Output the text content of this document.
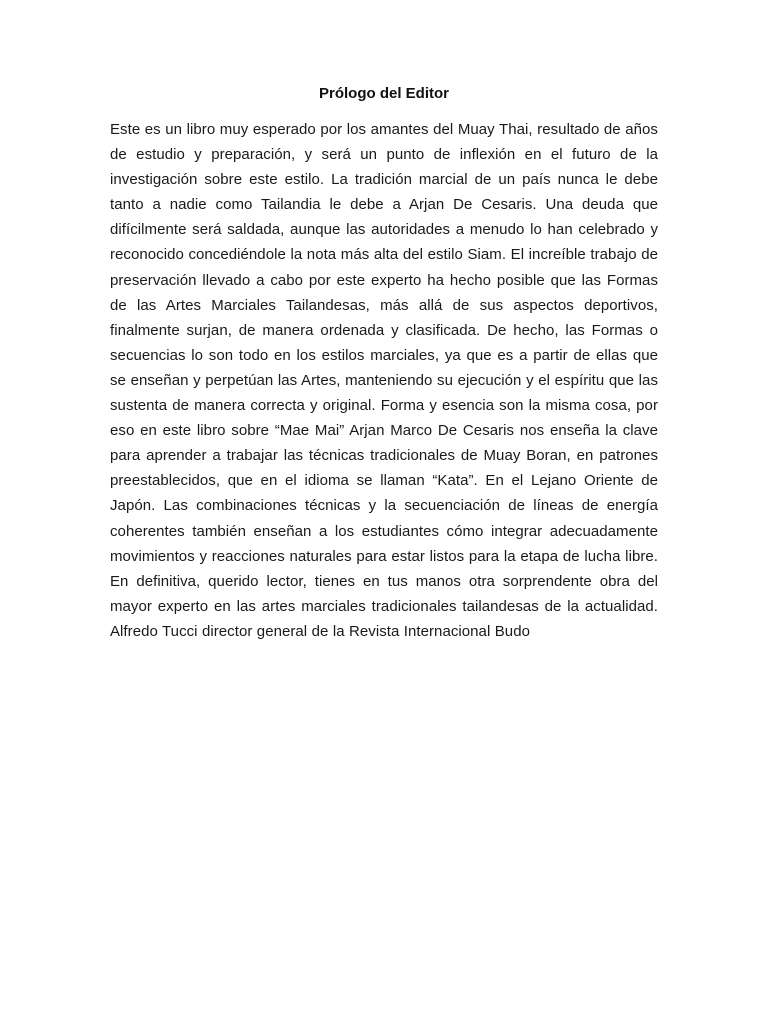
Prólogo del Editor

Este es un libro muy esperado por los amantes del Muay Thai, resultado de años de estudio y preparación, y será un punto de inflexión en el futuro de la investigación sobre este estilo. La tradición marcial de un país nunca le debe tanto a nadie como Tailandia le debe a Arjan De Cesaris. Una deuda que difícilmente será saldada, aunque las autoridades a menudo lo han celebrado y reconocido concediéndole la nota más alta del estilo Siam. El increíble trabajo de preservación llevado a cabo por este experto ha hecho posible que las Formas de las Artes Marciales Tailandesas, más allá de sus aspectos deportivos, finalmente surjan, de manera ordenada y clasificada. De hecho, las Formas o secuencias lo son todo en los estilos marciales, ya que es a partir de ellas que se enseñan y perpetúan las Artes, manteniendo su ejecución y el espíritu que las sustenta de manera correcta y original. Forma y esencia son la misma cosa, por eso en este libro sobre “Mae Mai” Arjan Marco De Cesaris nos enseña la clave para aprender a trabajar las técnicas tradicionales de Muay Boran, en patrones preestablecidos, que en el idioma se llaman “Kata”. En el Lejano Oriente de Japón. Las combinaciones técnicas y la secuenciación de líneas de energía coherentes también enseñan a los estudiantes cómo integrar adecuadamente movimientos y reacciones naturales para estar listos para la etapa de lucha libre. En definitiva, querido lector, tienes en tus manos otra sorprendente obra del mayor experto en las artes marciales tradicionales tailandesas de la actualidad. Alfredo Tucci director general de la Revista Internacional Budo
